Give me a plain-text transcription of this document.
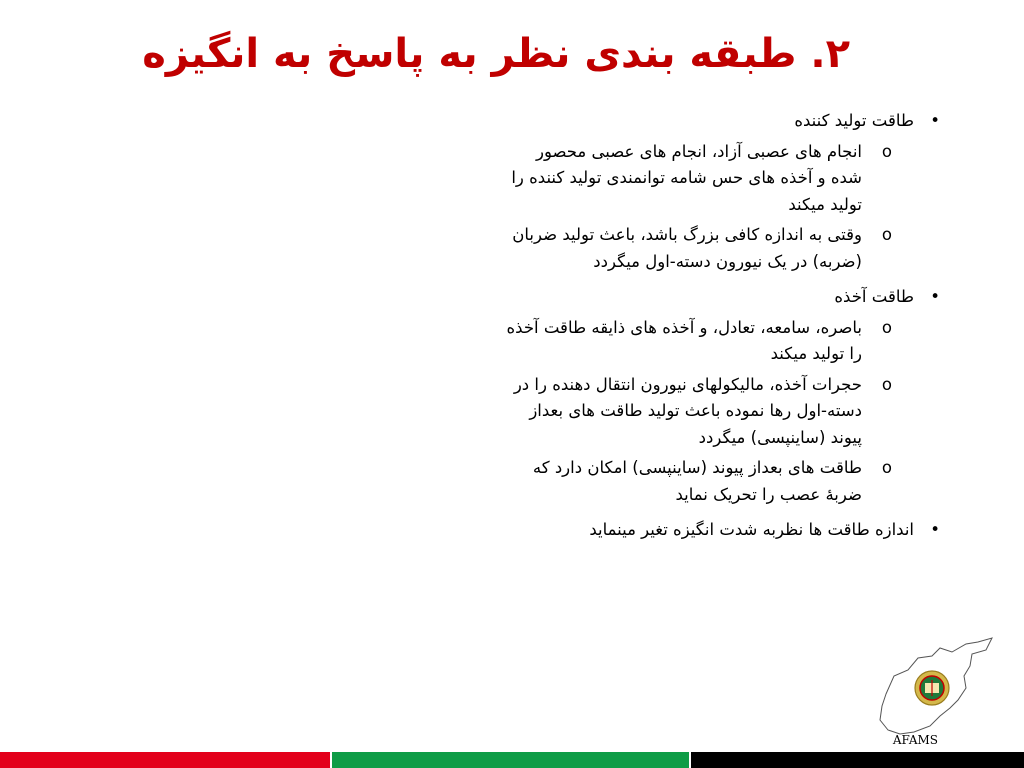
۲. طبقه بندی نظر به پاسخ به انگیزه
•
طاقت تولید کننده
o
انجام های عصبی آزاد، انجام های عصبی محصور شده و آخذه های حس شامه توانمندی تولید کننده را تولید میکند
o
وقتی به اندازه کافی بزرگ باشد، باعث تولید ضربان (ضربه) در یک نیورون دسته-اول میگردد
•
طاقت آخذه
o
باصره، سامعه، تعادل، و آخذه های ذایقه طاقت آخذه را تولید میکند
o
حجرات آخذه، مالیکولهای نیورون انتقال دهنده را در دسته-اول رها نموده باعث تولید طاقت های بعداز پیوند (ساینپسی) میگردد
o
طاقت های بعداز پیوند (ساینپسی) امکان دارد که ضربۀ عصب را تحریک نماید
•
اندازه طاقت ها نظربه شدت انگیزه تغیر مینماید
AFAMS
